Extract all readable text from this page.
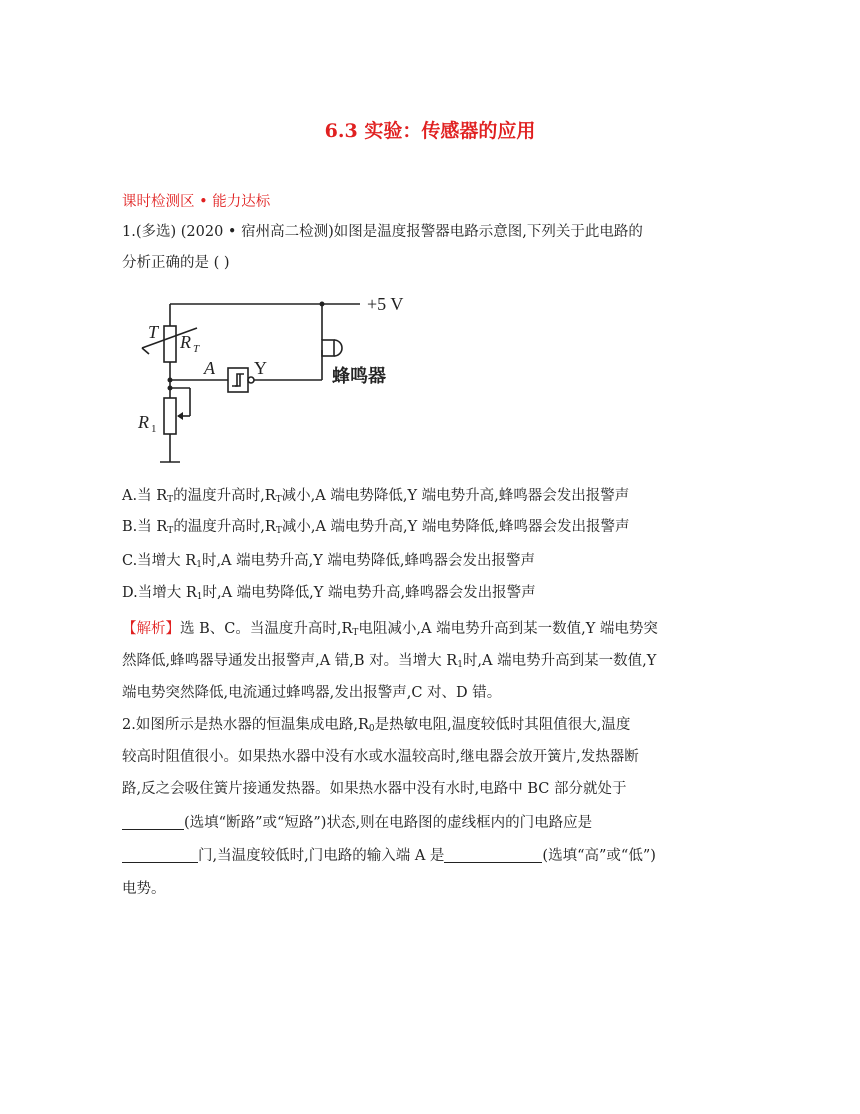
6.3 实验：传感器的应用
课时检测区 • 能力达标
1.(多选) (2020 • 宿州高二检测)如图是温度报警器电路示意图,下列关于此电路的
分析正确的是 ( )
+5 V
T R T
A Y
R 1
蜂鸣器
A.当 $R_T$的温度升高时$,R_T$减小,A 端电势降低,Y 端电势升高,蜂鸣器会发出报警声
B.当 $R_T$的温度升高时$,R_T$减小,A 端电势升高,Y 端电势降低,蜂鸣器会发出报警声
C.当增大 $R_1$时,A 端电势升高,Y 端电势降低,蜂鸣器会发出报警声
D.当增大 $R_1$时,A 端电势降低,Y 端电势升高,蜂鸣器会发出报警声
【解析】选 B、C。当温度升高时$,R_T$电阻减小,A 端电势升高到某一数值,Y 端电势突
然降低,蜂鸣器导通发出报警声,A 错,B 对。当增大 $R_1$时,A 端电势升高到某一数值,Y
端电势突然降低,电流通过蜂鸣器,发出报警声,C 对、D 错。
2.如图所示是热水器的恒温集成电路$,R_0$是热敏电阻,温度较低时其阻值很大,温度
较高时阻值很小。如果热水器中没有水或水温较高时,继电器会放开簧片,发热器断
路,反之会吸住簧片接通发热器。如果热水器中没有水时,电路中 BC 部分就处于
(选填“断路”或“短路”)状态,则在电路图的虚线框内的门电路应是
门,当温度较低时,门电路的输入端 A 是	(选填“高”或“低”)
电势。
